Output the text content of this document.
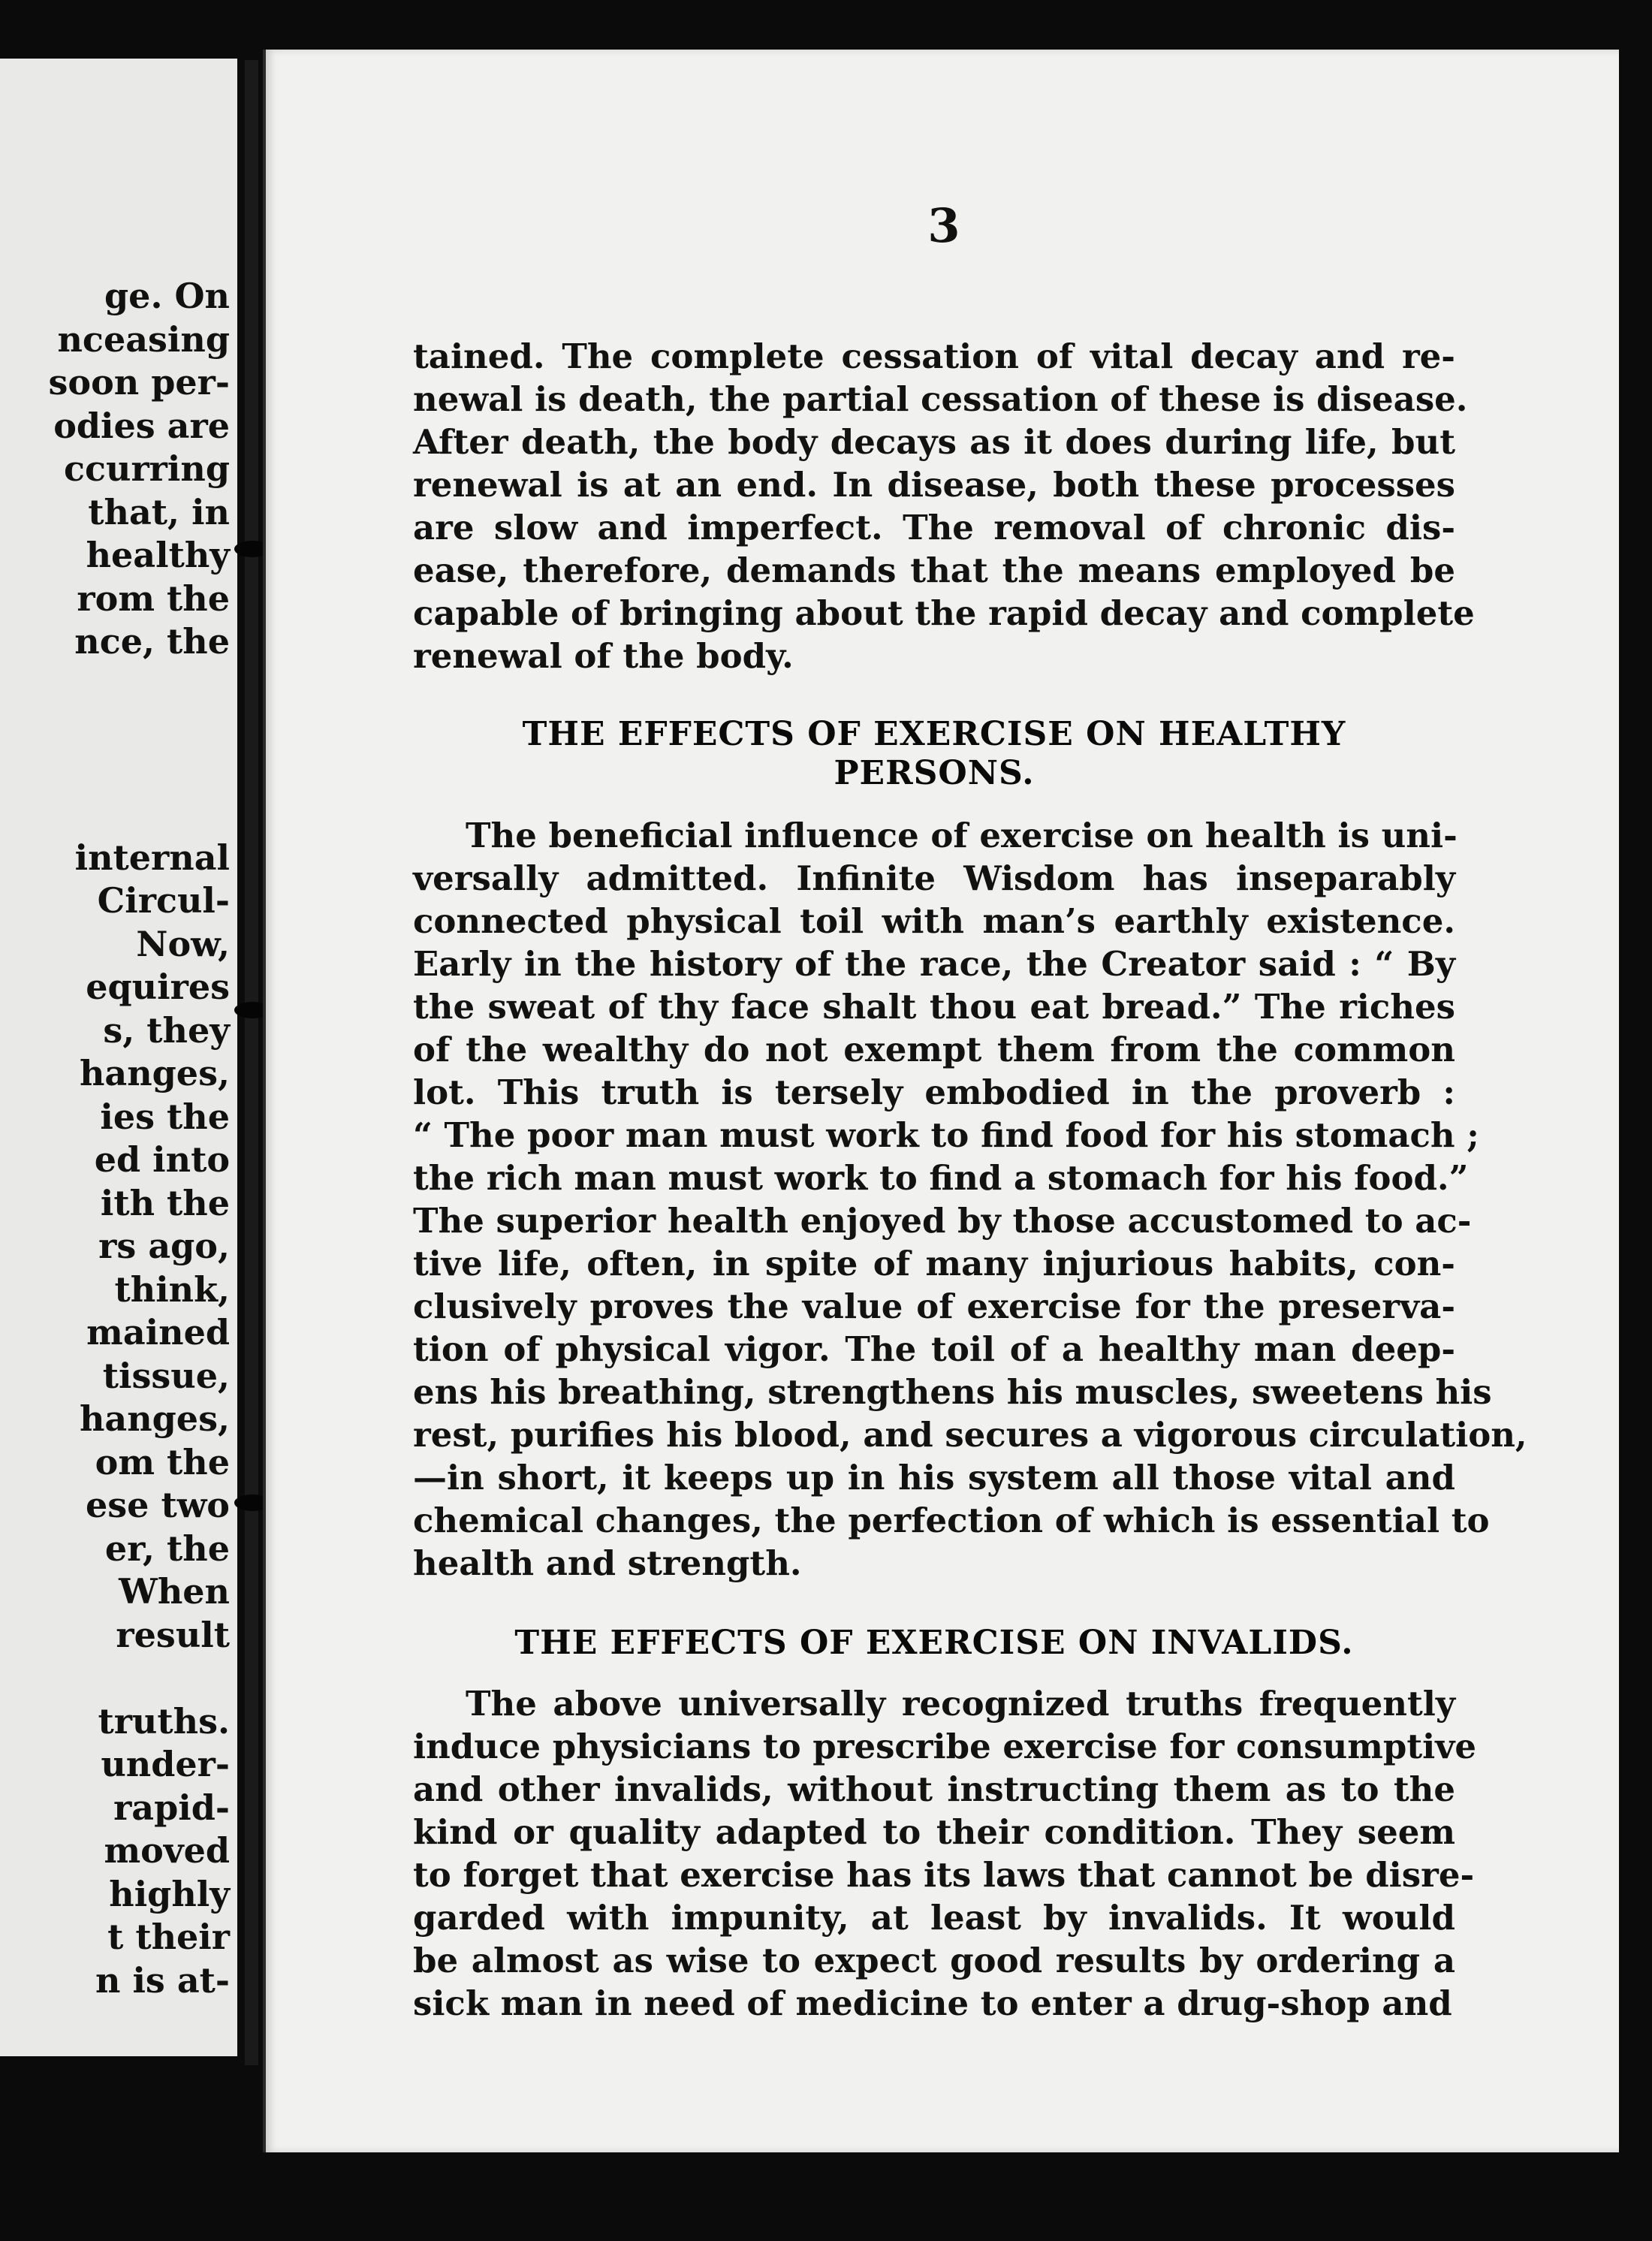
ge. On
nceasing
soon per-
odies are
ccurring
that, in
healthy
rom the
nce, the
internal
Circul-
Now,
equires
s, they
hanges,
ies the
ed into
ith the
rs ago,
think,
mained
tissue,
hanges,
om the
ese two
er, the
When
result
truths.
under-
rapid-
moved
highly
t their
n is at-
3

tained. The complete cessation of vital decay and re-
newal is death, the partial cessation of these is disease.
After death, the body decays as it does during life, but
renewal is at an end. In disease, both these processes
are slow and imperfect. The removal of chronic dis-
ease, therefore, demands that the means employed be
capable of bringing about the rapid decay and complete
renewal of the body.

THE EFFECTS OF EXERCISE ON HEALTHY
PERSONS.

The beneficial influence of exercise on health is uni-
versally admitted. Infinite Wisdom has inseparably
connected physical toil with man’s earthly existence.
Early in the history of the race, the Creator said : “ By
the sweat of thy face shalt thou eat bread.” The riches
of the wealthy do not exempt them from the common
lot. This truth is tersely embodied in the proverb :
“ The poor man must work to find food for his stomach ;
the rich man must work to find a stomach for his food.”
The superior health enjoyed by those accustomed to ac-
tive life, often, in spite of many injurious habits, con-
clusively proves the value of exercise for the preserva-
tion of physical vigor. The toil of a healthy man deep-
ens his breathing, strengthens his muscles, sweetens his
rest, purifies his blood, and secures a vigorous circulation,
—in short, it keeps up in his system all those vital and
chemical changes, the perfection of which is essential to
health and strength.

THE EFFECTS OF EXERCISE ON INVALIDS.

The above universally recognized truths frequently
induce physicians to prescribe exercise for consumptive
and other invalids, without instructing them as to the
kind or quality adapted to their condition. They seem
to forget that exercise has its laws that cannot be disre-
garded with impunity, at least by invalids. It would
be almost as wise to expect good results by ordering a
sick man in need of medicine to enter a drug-shop and
